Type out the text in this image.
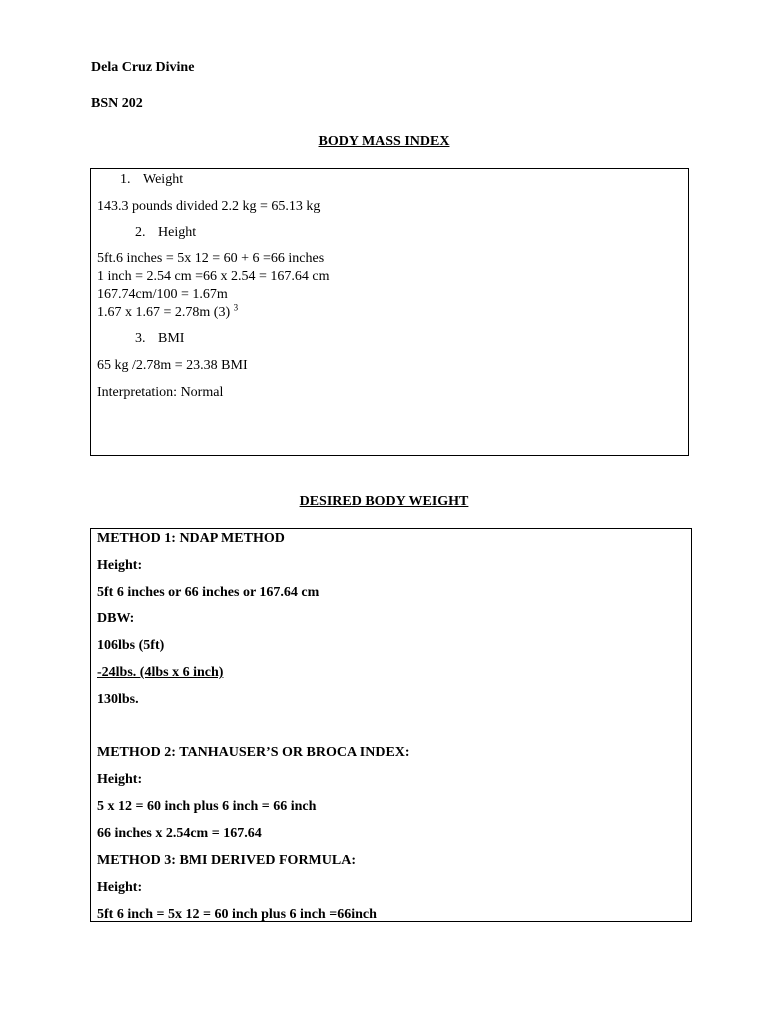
Dela Cruz Divine
BSN 202
BODY MASS INDEX
1. Weight
143.3 pounds divided 2.2 kg = 65.13 kg
2. Height
5ft.6 inches = 5x 12 = 60 + 6 =66 inches
1 inch = 2.54 cm =66 x 2.54 = 167.64 cm
167.74cm/100 = 1.67m
1.67 x 1.67 = 2.78m (3) $^3$
3. BMI
65 kg /2.78m = 23.38 BMI
Interpretation: Normal
DESIRED BODY WEIGHT
METHOD 1: NDAP METHOD
Height:
5ft 6 inches or 66 inches or 167.64 cm
DBW:
106lbs (5ft)
-24lbs. (4lbs x 6 inch)
130lbs.
METHOD 2: TANHAUSER’S OR BROCA INDEX:
Height:
5 x 12 = 60 inch plus 6 inch = 66 inch
66 inches x 2.54cm = 167.64
METHOD 3: BMI DERIVED FORMULA:
Height:
5ft 6 inch = 5x 12 = 60 inch plus 6 inch =66inch
